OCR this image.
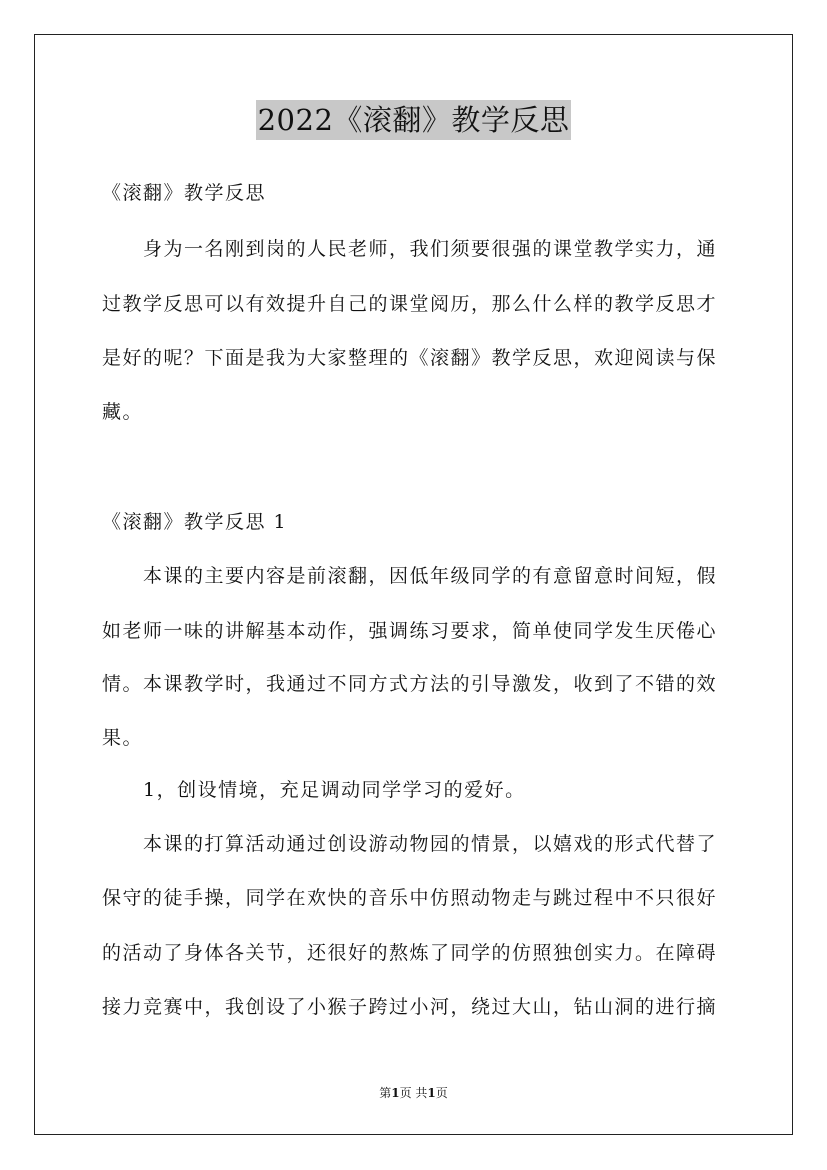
2022《滚翻》教学反思
《滚翻》教学反思
身为一名刚到岗的人民老师，我们须要很强的课堂教学实力，通
过教学反思可以有效提升自己的课堂阅历，那么什么样的教学反思才
是好的呢？下面是我为大家整理的《滚翻》教学反思，欢迎阅读与保
藏。
《滚翻》教学反思 1
本课的主要内容是前滚翻，因低年级同学的有意留意时间短，假
如老师一味的讲解基本动作，强调练习要求，简单使同学发生厌倦心
情。本课教学时，我通过不同方式方法的引导激发，收到了不错的效
果。
1，创设情境，充足调动同学学习的爱好。
本课的打算活动通过创设游动物园的情景，以嬉戏的形式代替了
保守的徒手操，同学在欢快的音乐中仿照动物走与跳过程中不只很好
的活动了身体各关节，还很好的熬炼了同学的仿照独创实力。在障碍
接力竞赛中，我创设了小猴子跨过小河，绕过大山，钻山洞的进行摘
第1页 共1页
